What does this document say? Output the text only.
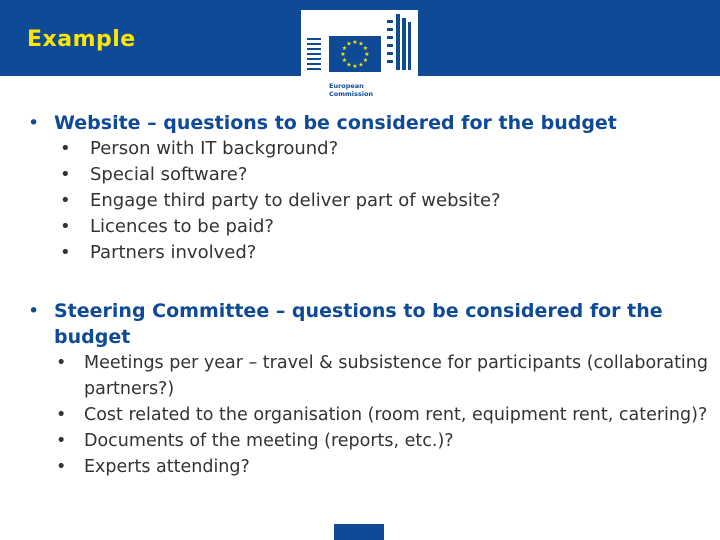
Example	★ ★
★
★
★
★
★
★
★
★
★
★
European
Commission
• Website – questions to be considered for the budget
• Person with IT background?
• Special software?
• Engage third party to deliver part of website?
• Licences to be paid?
• Partners involved?
• Steering Committee – questions to be considered for the budget
• Meetings per year – travel & subsistence for participants (collaborating partners?)
• Cost related to the organisation (room rent, equipment rent, catering)?
• Documents of the meeting (reports, etc.)?
• Experts attending?
